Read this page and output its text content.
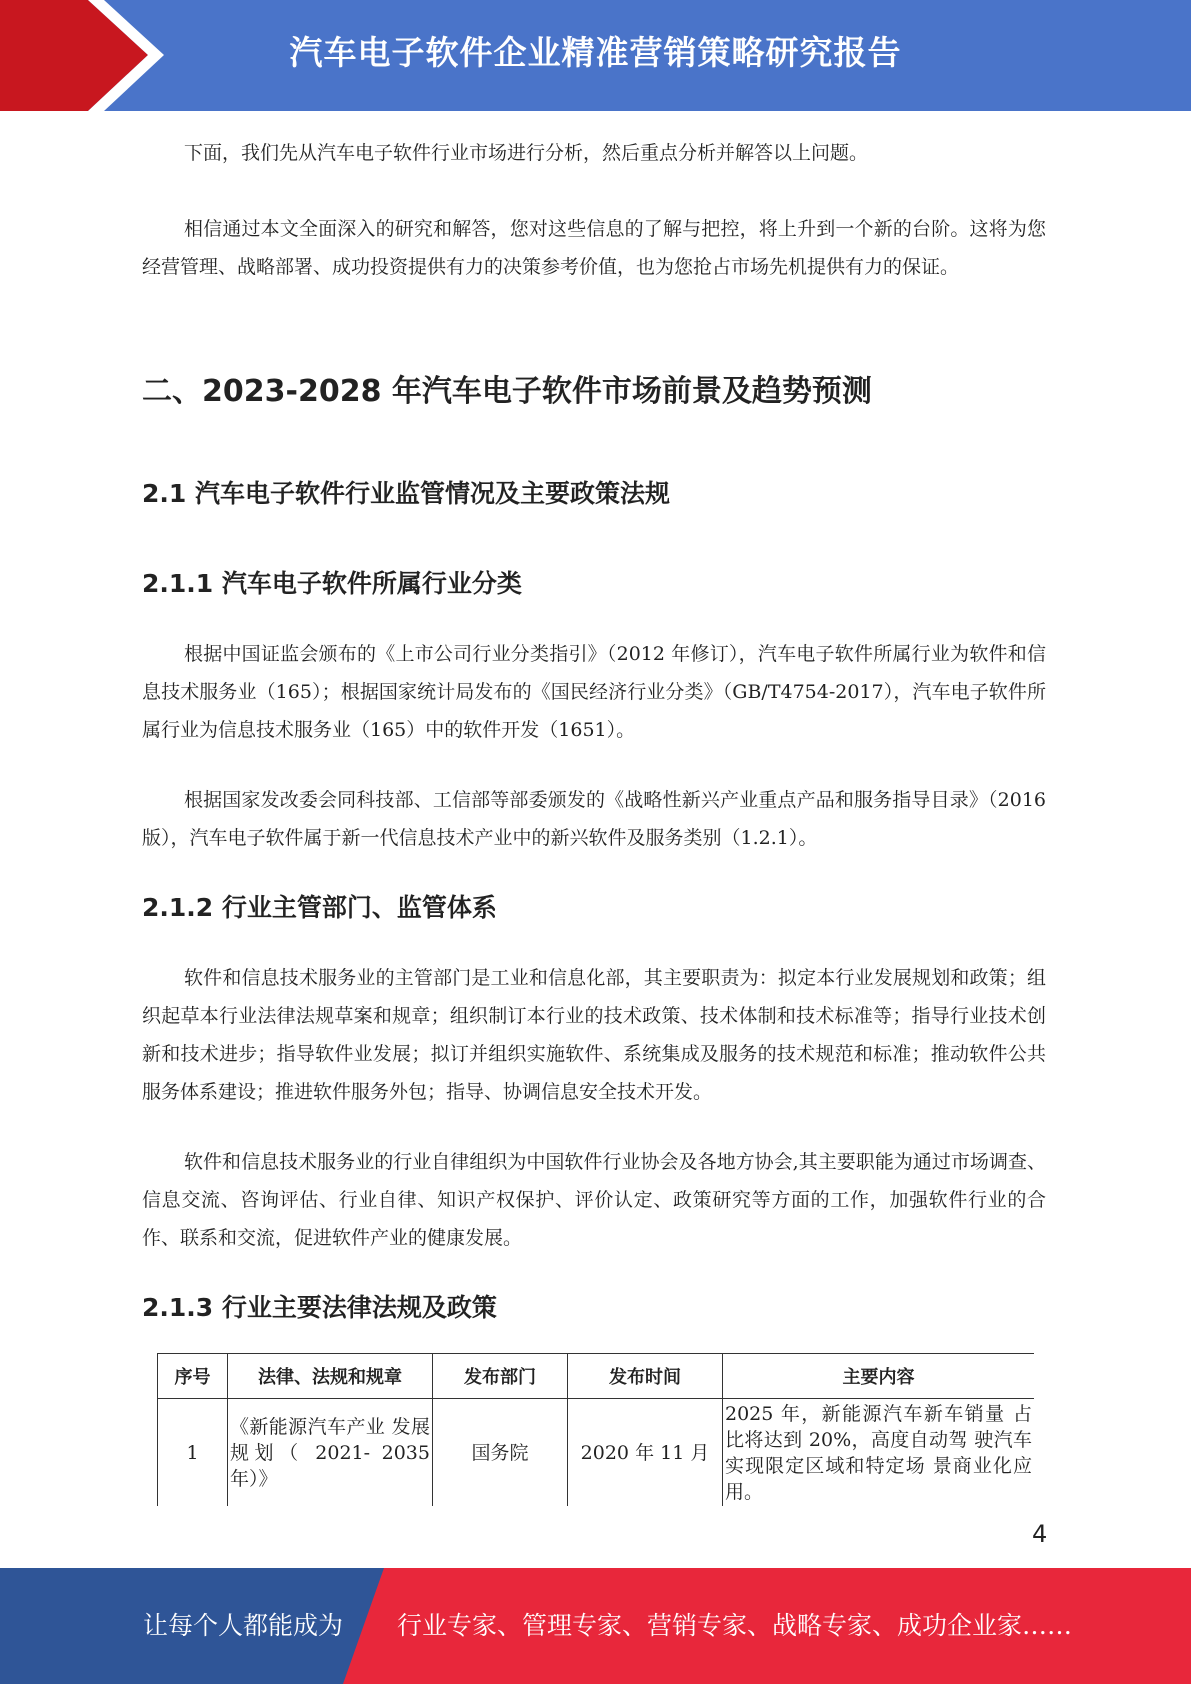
汽车电子软件企业精准营销策略研究报告

下面，我们先从汽车电子软件行业市场进行分析，然后重点分析并解答以上问题。

相信通过本文全面深入的研究和解答，您对这些信息的了解与把控，将上升到一个新的台阶。这将为您经营管理、战略部署、成功投资提供有力的决策参考价值，也为您抢占市场先机提供有力的保证。

二、2023-2028 年汽车电子软件市场前景及趋势预测
2.1 汽车电子软件行业监管情况及主要政策法规
2.1.1 汽车电子软件所属行业分类

根据中国证监会颁布的《上市公司行业分类指引》（2012 年修订），汽车电子软件所属行业为软件和信息技术服务业（165）；根据国家统计局发布的《国民经济行业分类》（GB/T4754-2017），汽车电子软件所属行业为信息技术服务业（165）中的软件开发（1651）。

根据国家发改委会同科技部、工信部等部委颁发的《战略性新兴产业重点产品和服务指导目录》（2016 版），汽车电子软件属于新一代信息技术产业中的新兴软件及服务类别（1.2.1）。

2.1.2 行业主管部门、监管体系

软件和信息技术服务业的主管部门是工业和信息化部，其主要职责为：拟定本行业发展规划和政策；组织起草本行业法律法规草案和规章；组织制订本行业的技术政策、技术体制和技术标准等；指导行业技术创新和技术进步；指导软件业发展；拟订并组织实施软件、系统集成及服务的技术规范和标准；推动软件公共服务体系建设；推进软件服务外包；指导、协调信息安全技术开发。

软件和信息技术服务业的行业自律组织为中国软件行业协会及各地方协会,其主要职能为通过市场调查、信息交流、咨询评估、行业自律、知识产权保护、评价认定、政策研究等方面的工作，加强软件行业的合作、联系和交流，促进软件产业的健康发展。

2.1.3 行业主要法律法规及政策
序号	法律、法规和规章	发布部门	发布时间	主要内容
1	《新能源汽车产业 发展规划（ 2021- 2035 年）》	国务院	2020 年 11 月	2025 年，新能源汽车新车销量 占比将达到 20%，高度自动驾 驶汽车实现限定区域和特定场 景商业化应用。
4
让每个人都能成为 行业专家、管理专家、营销专家、战略专家、成功企业家……
